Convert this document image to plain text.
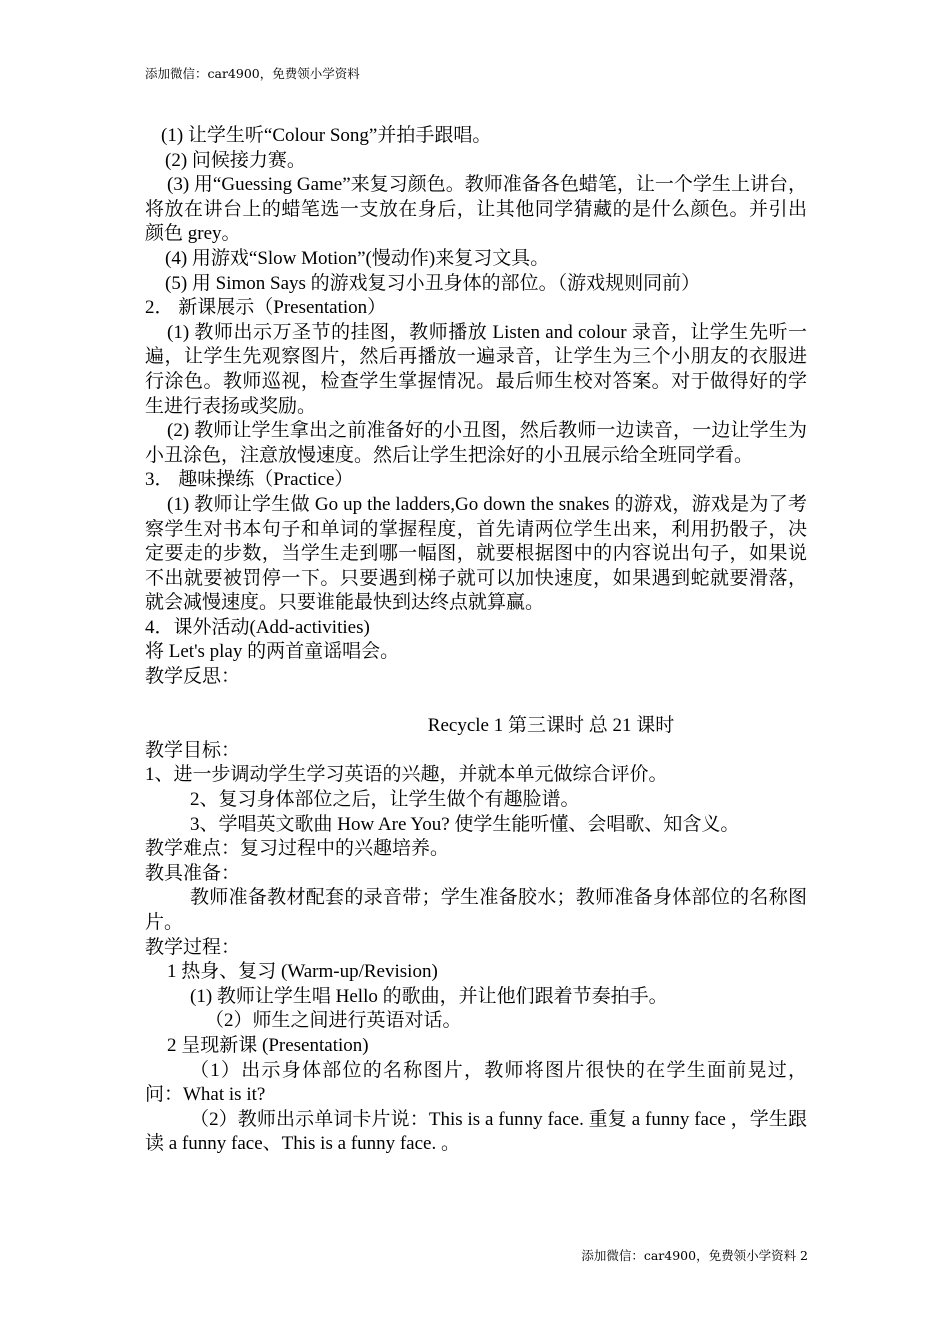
添加微信：car4900，免费领小学资料

(1) 让学生听“Colour Song”并拍手跟唱。

(2) 问候接力赛。

(3) 用“Guessing Game”来复习颜色。教师准备各色蜡笔，让一个学生上讲台，将放在讲台上的蜡笔选一支放在身后，让其他同学猜藏的是什么颜色。并引出颜色 grey。

(4) 用游戏“Slow Motion”(慢动作)来复习文具。

(5) 用 Simon Says 的游戏复习小丑身体的部位。（游戏规则同前）

2． 新课展示（Presentation）

(1) 教师出示万圣节的挂图，教师播放 Listen and colour 录音，让学生先听一遍，让学生先观察图片，然后再播放一遍录音，让学生为三个小朋友的衣服进行涂色。教师巡视，检查学生掌握情况。最后师生校对答案。对于做得好的学生进行表扬或奖励。

(2) 教师让学生拿出之前准备好的小丑图，然后教师一边读音，一边让学生为小丑涂色，注意放慢速度。然后让学生把涂好的小丑展示给全班同学看。

3． 趣味操练（Practice）

(1) 教师让学生做 Go up the ladders,Go down the snakes 的游戏，游戏是为了考察学生对书本句子和单词的掌握程度，首先请两位学生出来，利用扔骰子，决定要走的步数，当学生走到哪一幅图，就要根据图中的内容说出句子，如果说不出就要被罚停一下。只要遇到梯子就可以加快速度，如果遇到蛇就要滑落，就会减慢速度。只要谁能最快到达终点就算赢。

4．课外活动(Add-activities)

将 Let's play 的两首童谣唱会。

教学反思：

Recycle 1 第三课时 总 21 课时

教学目标：

1、进一步调动学生学习英语的兴趣，并就本单元做综合评价。

2、复习身体部位之后，让学生做个有趣脸谱。

3、学唱英文歌曲 How Are You? 使学生能听懂、会唱歌、知含义。

教学难点：复习过程中的兴趣培养。

教具准备：

教师准备教材配套的录音带；学生准备胶水；教师准备身体部位的名称图片。

教学过程：

1 热身、复习 (Warm-up/Revision)

(1) 教师让学生唱 Hello 的歌曲，并让他们跟着节奏拍手。

（2）师生之间进行英语对话。

2 呈现新课 (Presentation)

（1）出示身体部位的名称图片，教师将图片很快的在学生面前晃过，问：What is it?

（2）教师出示单词卡片说：This is a funny face. 重复 a funny face ，学生跟读 a funny face、This is a funny face. 。

添加微信：car4900，免费领小学资料 2
